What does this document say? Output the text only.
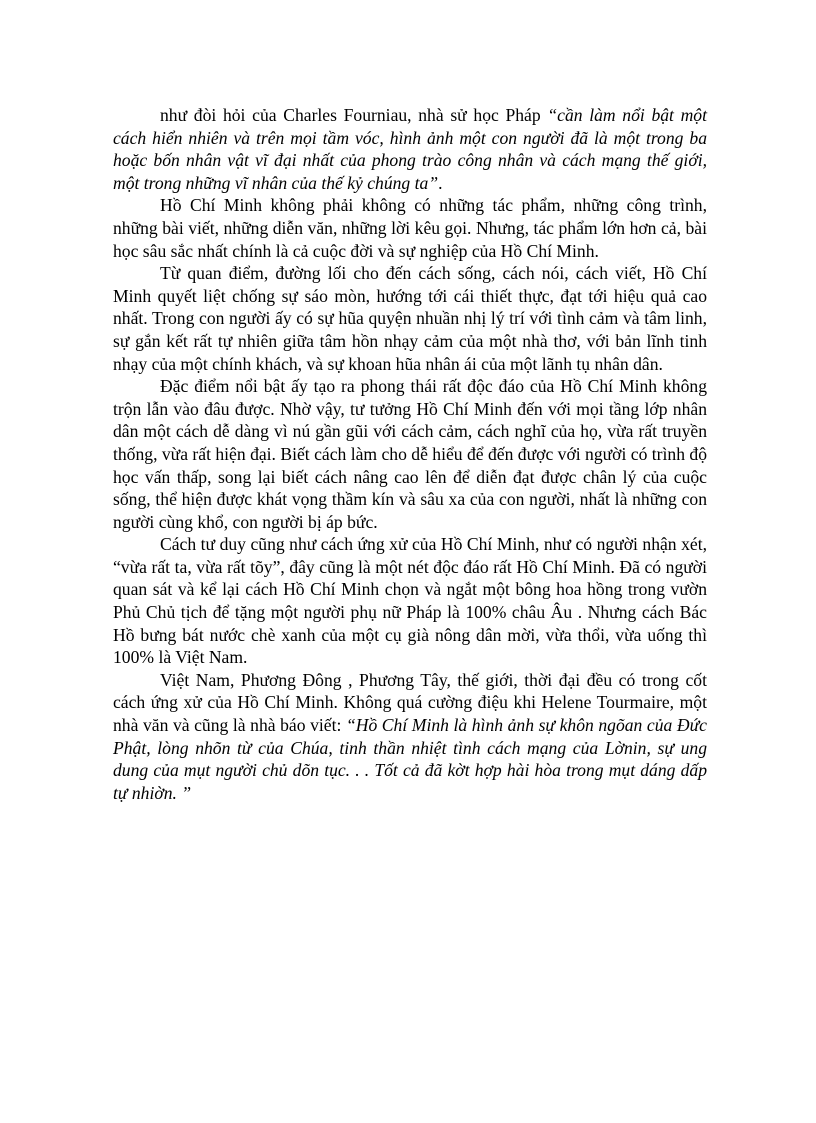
như đòi hỏi của Charles Fourniau, nhà sử học Pháp “cần làm nổi bật một cách hiển nhiên và trên mọi tầm vóc, hình ảnh một con người đã là một trong ba hoặc bốn nhân vật vĩ đại nhất của phong trào công nhân và cách mạng thế giới, một trong những vĩ nhân của thế kỷ chúng ta”.

Hồ Chí Minh không phải không có những tác phẩm, những công trình, những bài viết, những diễn văn, những lời kêu gọi. Nhưng, tác phẩm lớn hơn cả, bài học sâu sắc nhất chính là cả cuộc đời và sự nghiệp của Hồ Chí Minh.

Từ quan điểm, đường lối cho đến cách sống, cách nói, cách viết, Hồ Chí Minh quyết liệt chống sự sáo mòn, hướng tới cái thiết thực, đạt tới hiệu quả cao nhất. Trong con người ấy có sự hũa quyện nhuần nhị lý trí với tình cảm và tâm linh, sự gắn kết rất tự nhiên giữa tâm hồn nhạy cảm của một nhà thơ, với bản lĩnh tinh nhạy của một chính khách, và sự khoan hũa nhân ái của một lãnh tụ nhân dân.

Đặc điểm nổi bật ấy tạo ra phong thái rất độc đáo của Hồ Chí Minh không trộn lẫn vào đâu được. Nhờ vậy, tư tưởng Hồ Chí Minh đến với mọi tầng lớp nhân dân một cách dễ dàng vì nú gần gũi với cách cảm, cách nghĩ của họ, vừa rất truyền thống, vừa rất hiện đại. Biết cách làm cho dễ hiểu để đến được với người có trình độ học vấn thấp, song lại biết cách nâng cao lên để diễn đạt được chân lý của cuộc sống, thể hiện được khát vọng thầm kín và sâu xa của con người, nhất là những con người cùng khổ, con người bị áp bức.

Cách tư duy cũng như cách ứng xử của Hồ Chí Minh, như có người nhận xét, “vừa rất ta, vừa rất tõy”, đây cũng là một nét độc đáo rất Hồ Chí Minh. Đã có người quan sát và kể lại cách Hồ Chí Minh chọn và ngắt một bông hoa hồng trong vườn Phủ Chủ tịch để tặng một người phụ nữ Pháp là 100% châu Âu . Nhưng cách Bác Hồ bưng bát nước chè xanh của một cụ già nông dân mời, vừa thổi, vừa uống thì 100% là Việt Nam.

Việt Nam, Phương Đông , Phương Tây, thế giới, thời đại đều có trong cốt cách ứng xử của Hồ Chí Minh. Không quá cường điệu khi Helene Tourmaire, một nhà văn và cũng là nhà báo viết: “Hồ Chí Minh là hình ảnh sự khôn ngõan của Đức Phật, lòng nhõn từ của Chúa, tinh thần nhiệt tình cách mạng của Lờnin, sự ung dung của mụt người chủ dõn tục. . . Tốt cả đã kờt hợp hài hòa trong mụt dáng dấp tự nhiờn. ”
